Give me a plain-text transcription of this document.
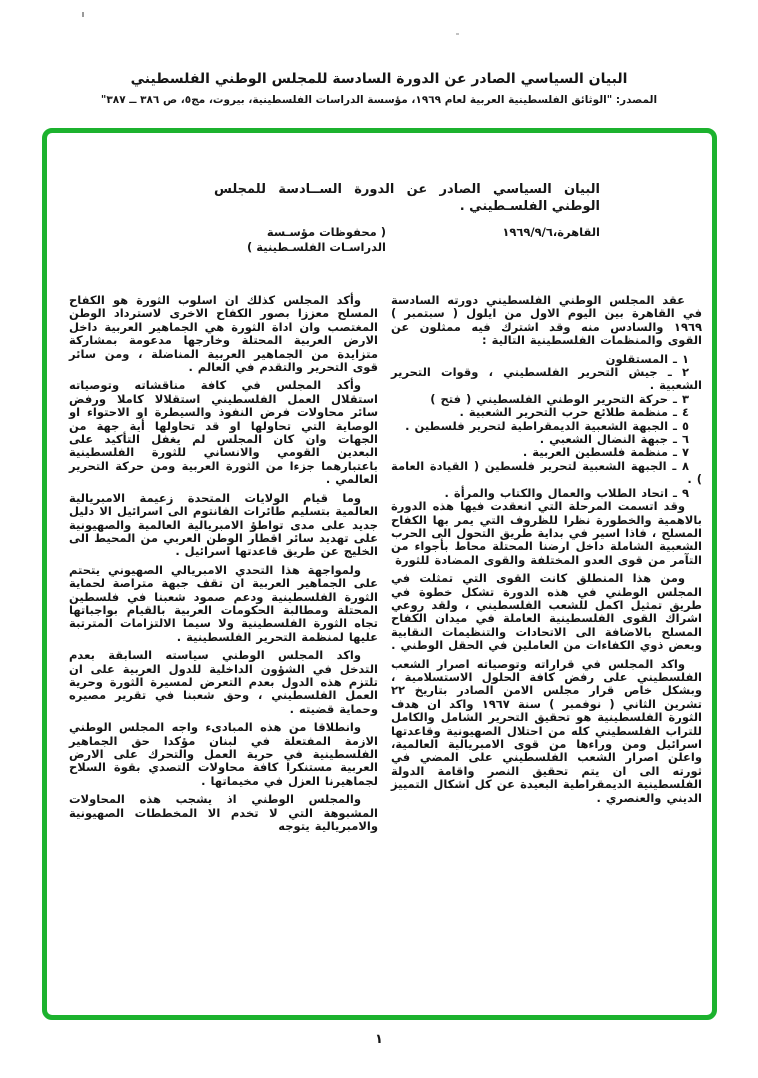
البيان السياسي الصادر عن الدورة السادسة للمجلس الوطني الفلسطيني
المصدر: "الوثائق الفلسطينية العربية لعام ١٩٦٩، مؤسسة الدراسات الفلسطينية، بيروت، مج٥، ص ٣٨٦ ــ ٣٨٧"
البيان السياسي الصادر عن الدورة الســادسة للمجلس
الوطني الفلسـطيني .
القاهرة،١٩٦٩/٩/٦
( محفوظات مؤسـسة الدراسـات الفلسـطينية )

وأكد المجلس كذلك ان اسلوب الثورة هو الكفاح المسلح معززا بصور الكفاح الاخرى لاسترداد الوطن المغتصب وان اداة الثورة هي الجماهير العربية داخل الارض العربية المحتلة وخارجها مدعومة بمشاركة متزايدة من الجماهير العربية المناضلة ، ومن سائر قوى التحرير والتقدم في العالم .

وأكد المجلس في كافة مناقشاته وتوصياته استقلال العمل الفلسطيني استقلالا كاملا ورفض سائر محاولات فرض النفوذ والسيطرة او الاحتواء او الوصاية التي تحاولها او قد تحاولها أية جهة من الجهات وان كان المجلس لم يغفل التأكيد على البعدين القومي والانساني للثورة الفلسطينية باعتبارهما جزءا من الثورة العربية ومن حركة التحرير العالمي .

وما قيام الولايات المتحدة زعيمة الامبريالية العالمية بتسليم طائرات الفانتوم الى اسرائيل الا دليل جديد على مدى تواطؤ الامبريالية العالمية والصهيونية على تهديد سائر اقطار الوطن العربي من المحيط الى الخليج عن طريق قاعدتها اسرائيل .

ولمواجهة هذا التحدي الامبريالي الصهيوني يتحتم على الجماهير العربية ان تقف جبهة متراصة لحماية الثورة الفلسطينية ودعم صمود شعبنا في فلسطين المحتلة ومطالبة الحكومات العربية بالقيام بواجباتها تجاه الثورة الفلسطينية ولا سيما الالتزامات المترتبة عليها لمنظمة التحرير الفلسطينية .

واكد المجلس الوطني سياسته السابقة بعدم التدخل في الشؤون الداخلية للدول العربية على ان تلتزم هذه الدول بعدم التعرض لمسيرة الثورة وحرية العمل الفلسطيني ، وحق شعبنا في تقرير مصيره وحماية قضيته .

وانطلاقا من هذه المبادىء واجه المجلس الوطني الازمة المفتعلة في لبنان مؤكدا حق الجماهير الفلسطينية في حرية العمل والتحرك على الارض العربية مستنكرا كافة محاولات التصدي بقوة السلاح لجماهيرنا العزل في مخيماتها .

والمجلس الوطني اذ يشجب هذه المحاولات المشبوهة التي لا تخدم الا المخططات الصهيونية والامبريالية يتوجه

عقد المجلس الوطني الفلسطيني دورته السادسة في القاهرة بين اليوم الاول من ايلول ( سبتمبر ) ١٩٦٩ والسادس منه وقد اشترك فيه ممثلون عن القوى والمنظمات الفلسطينية التالية :

١ ـ المستقلون

٢ ـ جيش التحرير الفلسطيني ، وقوات التحرير الشعبية .

٣ ـ حركة التحرير الوطني الفلسطيني ( فتح )

٤ ـ منظمة طلائع حرب التحرير الشعبية .

٥ ـ الجبهة الشعبية الديمقراطية لتحرير فلسطين .

٦ ـ جبهة النضال الشعبي .

٧ ـ منظمة فلسطين العربية .

٨ ـ الجبهة الشعبية لتحرير فلسطين ( القيادة العامة ) .

٩ ـ اتحاد الطلاب والعمال والكتاب والمرأة .

وقد اتسمت المرحلة التي انعقدت فيها هذه الدورة بالاهمية والخطورة نظرا للظروف التي يمر بها الكفاح المسلح ، فاذا اسير في بداية طريق التحول الى الحرب الشعبية الشاملة داخل ارضنا المحتلة محاط بأجواء من التآمر من قوى العدو المختلفة والقوى المضادة للثورة

ومن هذا المنطلق كانت القوى التي تمثلت في المجلس الوطني في هذه الدورة تشكل خطوة في طريق تمثيل اكمل للشعب الفلسطيني ، ولقد روعي اشراك القوى الفلسطينية العاملة في ميدان الكفاح المسلح بالاضافة الى الاتحادات والتنظيمات النقابية وبعض ذوي الكفاءات من العاملين في الحقل الوطني .

واكد المجلس في قراراته وتوصياته اصرار الشعب الفلسطيني على رفض كافة الحلول الاستسلامية ، وبشكل خاص قرار مجلس الامن الصادر بتاريخ ٢٢ تشرين الثاني ( نوفمبر ) سنة ١٩٦٧ واكد ان هدف الثورة الفلسطينية هو تحقيق التحرير الشامل والكامل للتراب الفلسطيني كله من احتلال الصهيونية وقاعدتها اسرائيل ومن وراءها من قوى الامبريالية العالمية، واعلن اصرار الشعب الفلسطيني على المضي في ثورته الى ان يتم تحقيق النصر واقامة الدولة الفلسطينية الديمقراطية البعيدة عن كل اشكال التمييز الديني والعنصري .

١
